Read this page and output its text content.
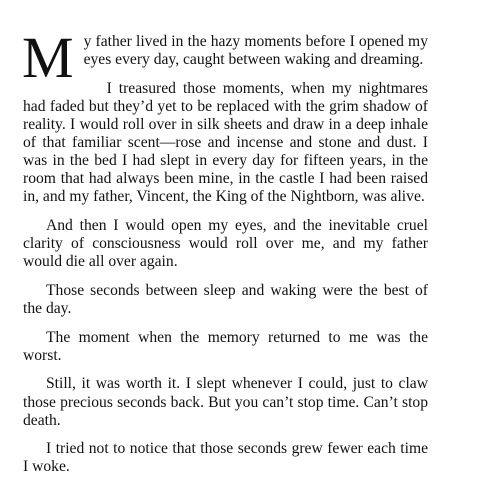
My father lived in the hazy moments before I opened my eyes every day, caught between waking and dreaming.

I treasured those moments, when my nightmares had faded but they’d yet to be replaced with the grim shadow of reality. I would roll over in silk sheets and draw in a deep inhale of that familiar scent—rose and incense and stone and dust. I was in the bed I had slept in every day for fifteen years, in the room that had always been mine, in the castle I had been raised in, and my father, Vincent, the King of the Nightborn, was alive.

And then I would open my eyes, and the inevitable cruel clarity of consciousness would roll over me, and my father would die all over again.

Those seconds between sleep and waking were the best of the day.

The moment when the memory returned to me was the worst.

Still, it was worth it. I slept whenever I could, just to claw those precious seconds back. But you can’t stop time. Can’t stop death.

I tried not to notice that those seconds grew fewer each time I woke.
